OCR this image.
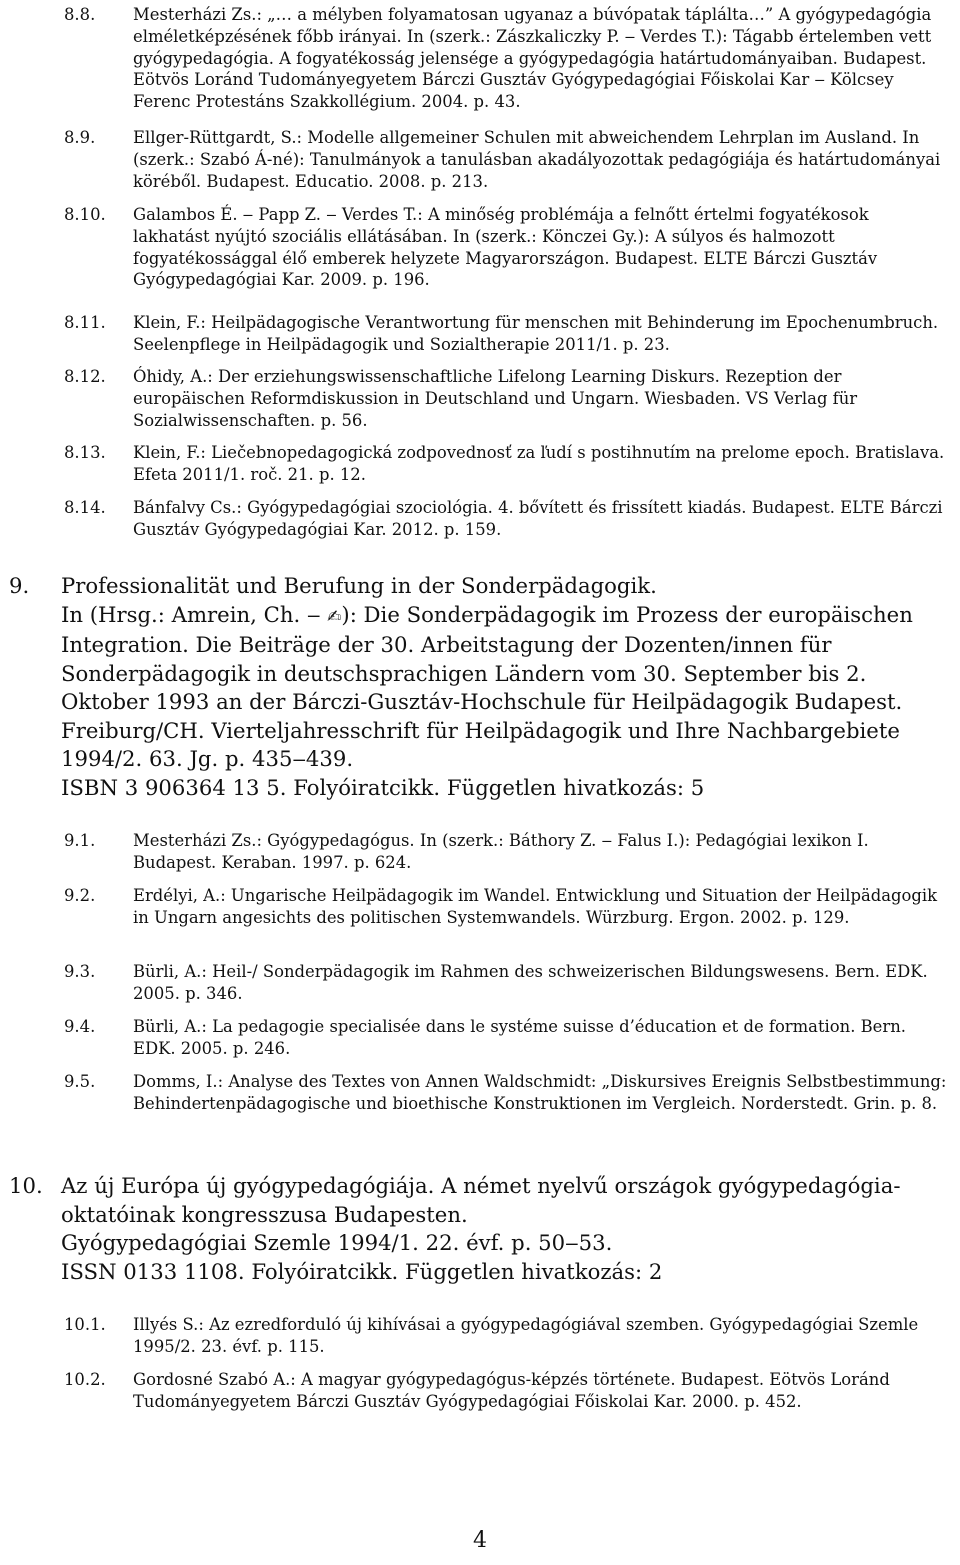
8.8. Mesterházi Zs.: „… a mélyben folyamatosan ugyanaz a búvópatak táplálta…” A gyógypedagógia elméletképzésének főbb irányai. In (szerk.: Zászkaliczky P. ‒ Verdes T.): Tágabb értelemben vett gyógypedagógia. A fogyatékosság jelensége a gyógypedagógia határtudományaiban. Budapest. Eötvös Loránd Tudományegyetem Bárczi Gusztáv Gyógypedagógiai Főiskolai Kar ‒ Kölcsey Ferenc Protestáns Szakkollégium. 2004. p. 43.
8.9. Ellger-Rüttgardt, S.: Modelle allgemeiner Schulen mit abweichendem Lehrplan im Ausland. In (szerk.: Szabó Á-né): Tanulmányok a tanulásban akadályozottak pedagógiája és határtudományai köréből. Budapest. Educatio. 2008. p. 213.
8.10. Galambos É. ‒ Papp Z. ‒ Verdes T.: A minőség problémája a felnőtt értelmi fogyatékosok lakhatást nyújtó szociális ellátásában. In (szerk.: Könczei Gy.): A súlyos és halmozott fogyatékossággal élő emberek helyzete Magyarországon. Budapest. ELTE Bárczi Gusztáv Gyógypedagógiai Kar. 2009. p. 196.
8.11. Klein, F.: Heilpädagogische Verantwortung für menschen mit Behinderung im Epochenumbruch. Seelenpflege in Heilpädagogik und Sozialtherapie 2011/1. p. 23.
8.12. Óhidy, A.: Der erziehungswissenschaftliche Lifelong Learning Diskurs. Rezeption der europäischen Reformdiskussion in Deutschland und Ungarn. Wiesbaden. VS Verlag für Sozialwissenschaften. p. 56.
8.13. Klein, F.: Liečebnopedagogická zodpovednosť za ľudí s postihnutím na prelome epoch. Bratislava. Efeta 2011/1. roč. 21. p. 12.
8.14. Bánfalvy Cs.: Gyógypedagógiai szociológia. 4. bővített és frissített kiadás. Budapest. ELTE Bárczi Gusztáv Gyógypedagógiai Kar. 2012. p. 159.
9. Professionalität und Berufung in der Sonderpädagogik.
In (Hrsg.: Amrein, Ch. ‒ ✍): Die Sonderpädagogik im Prozess der europäischen Integration. Die Beiträge der 30. Arbeitstagung der Dozenten/innen für Sonderpädagogik in deutschsprachigen Ländern vom 30. September bis 2. Oktober 1993 an der Bárczi-Gusztáv-Hochschule für Heilpädagogik Budapest. Freiburg/CH. Vierteljahresschrift für Heilpädagogik und Ihre Nachbargebiete 1994/2. 63. Jg. p. 435‒439.
ISBN 3 906364 13 5. Folyóiratcikk. Független hivatkozás: 5
9.1. Mesterházi Zs.: Gyógypedagógus. In (szerk.: Báthory Z. ‒ Falus I.): Pedagógiai lexikon I. Budapest. Keraban. 1997. p. 624.
9.2. Erdélyi, A.: Ungarische Heilpädagogik im Wandel. Entwicklung und Situation der Heilpädagogik in Ungarn angesichts des politischen Systemwandels. Würzburg. Ergon. 2002. p. 129.
9.3. Bürli, A.: Heil-/ Sonderpädagogik im Rahmen des schweizerischen Bildungswesens. Bern. EDK. 2005. p. 346.
9.4. Bürli, A.: La pedagogie specialisée dans le systéme suisse d’éducation et de formation. Bern. EDK. 2005. p. 246.
9.5. Domms, I.: Analyse des Textes von Annen Waldschmidt: „Diskursives Ereignis Selbstbestimmung: Behindertenpädagogische und bioethische Konstruktionen im Vergleich. Norderstedt. Grin. p. 8.
10. Az új Európa új gyógypedagógiája. A német nyelvű országok gyógypedagógia-oktatóinak kongresszusa Budapesten.
Gyógypedagógiai Szemle 1994/1. 22. évf. p. 50‒53.
ISSN 0133 1108. Folyóiratcikk. Független hivatkozás: 2
10.1. Illyés S.: Az ezredforduló új kihívásai a gyógypedagógiával szemben. Gyógypedagógiai Szemle 1995/2. 23. évf. p. 115.
10.2. Gordosné Szabó A.: A magyar gyógypedagógus-képzés története. Budapest. Eötvös Loránd Tudományegyetem Bárczi Gusztáv Gyógypedagógiai Főiskolai Kar. 2000. p. 452.
4
